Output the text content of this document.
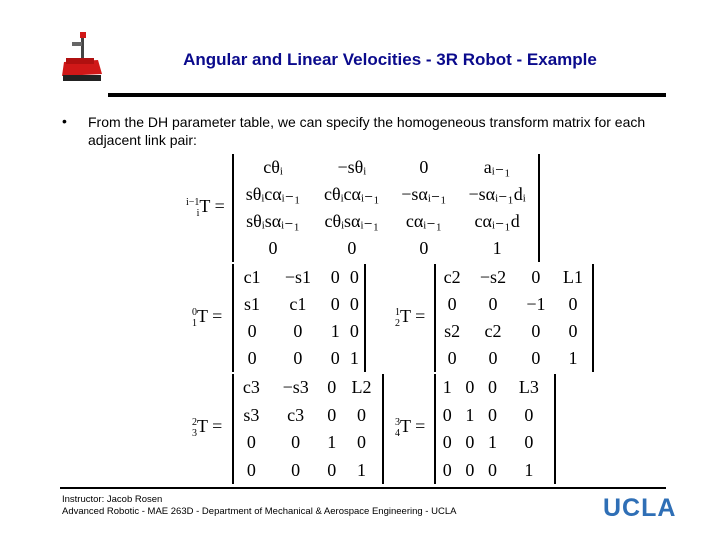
Angular and Linear Velocities - 3R Robot - Example
• From the DH parameter table, we can specify the homogeneous transform matrix for each adjacent link pair:
i−1
iT =
cθᵢ	−sθᵢ	0	aᵢ₋₁
sθᵢcαᵢ₋₁	cθᵢcαᵢ₋₁	−sαᵢ₋₁	−sαᵢ₋₁dᵢ
sθᵢsαᵢ₋₁	cθᵢsαᵢ₋₁	cαᵢ₋₁	cαᵢ₋₁d
0	0	0	1
0
1T =
c1	−s1	0	0
s1	c1	0	0
0	0	1	0
0	0	0	1
1
2T =
c2	−s2	0	L1
0	0	−1	0
s2	c2	0	0
0	0	0	1
2
3T =
c3	−s3	0	L2
s3	c3	0	0
0	0	1	0
0	0	0	1
3
4T =
1	0	0	L3
0	1	0	0
0	0	1	0
0	0	0	1
Instructor: Jacob Rosen
Advanced Robotic - MAE 263D - Department of Mechanical & Aerospace Engineering - UCLA	UCLA
